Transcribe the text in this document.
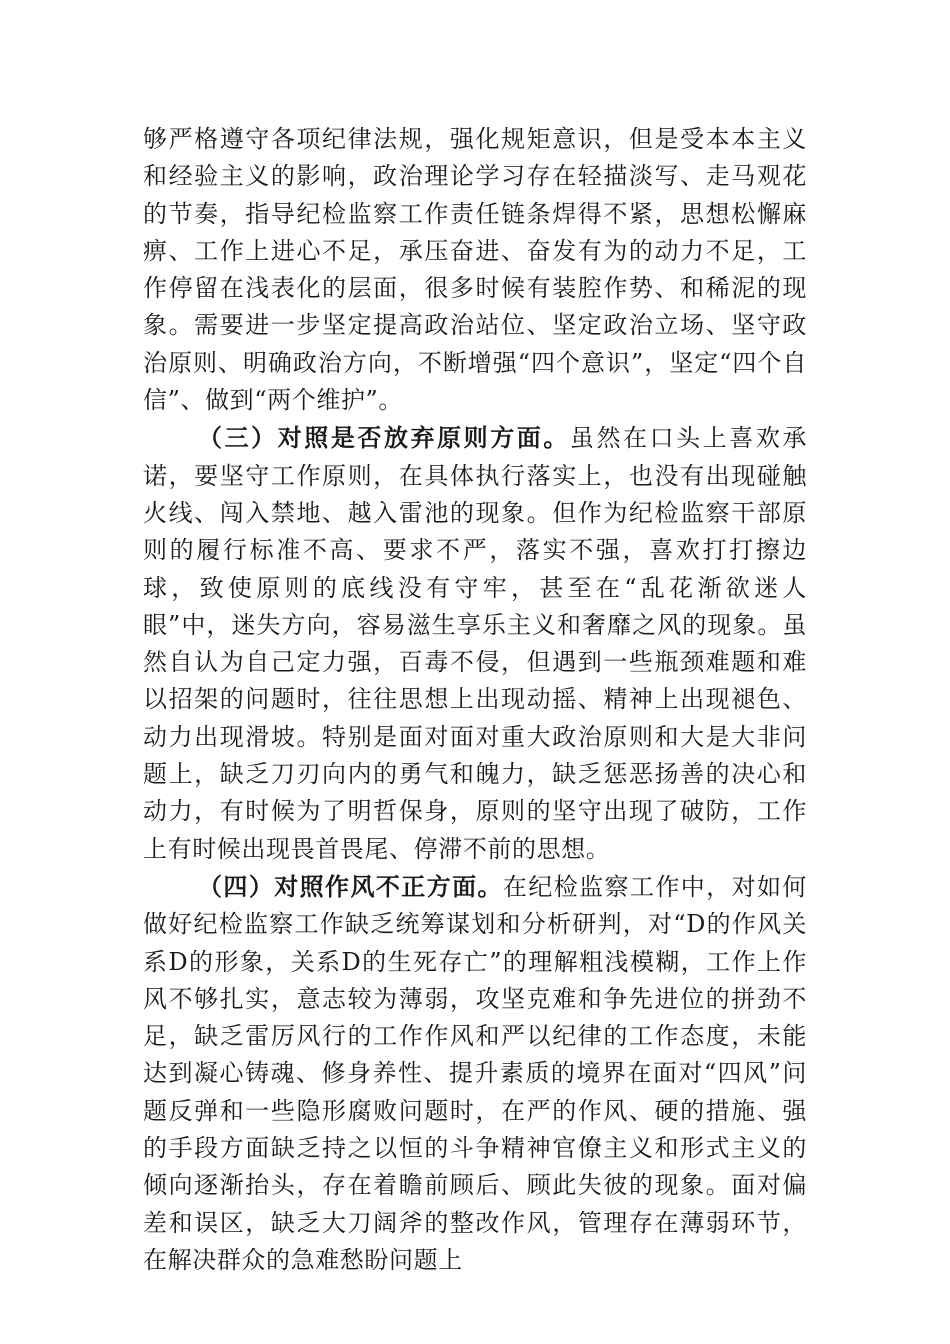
够严格遵守各项纪律法规，强化规矩意识，但是受本本主义和经验主义的影响，政治理论学习存在轻描淡写、走马观花的节奏，指导纪检监察工作责任链条焊得不紧，思想松懈麻痹、工作上进心不足，承压奋进、奋发有为的动力不足，工作停留在浅表化的层面，很多时候有装腔作势、和稀泥的现象。需要进一步坚定提高政治站位、坚定政治立场、坚守政治原则、明确政治方向，不断增强“四个意识”，坚定“四个自信”、做到“两个维护”。

（三）对照是否放弃原则方面。虽然在口头上喜欢承诺，要坚守工作原则，在具体执行落实上，也没有出现碰触火线、闯入禁地、越入雷池的现象。但作为纪检监察干部原则的履行标准不高、要求不严，落实不强，喜欢打打擦边球，致使原则的底线没有守牢，甚至在“乱花渐欲迷人眼”中，迷失方向，容易滋生享乐主义和奢靡之风的现象。虽然自认为自己定力强，百毒不侵，但遇到一些瓶颈难题和难以招架的问题时，往往思想上出现动摇、精神上出现褪色、动力出现滑坡。特别是面对面对重大政治原则和大是大非问题上，缺乏刀刃向内的勇气和魄力，缺乏惩恶扬善的决心和动力，有时候为了明哲保身，原则的坚守出现了破防，工作上有时候出现畏首畏尾、停滞不前的思想。

（四）对照作风不正方面。在纪检监察工作中，对如何做好纪检监察工作缺乏统筹谋划和分析研判，对“D的作风关系D的形象，关系D的生死存亡”的理解粗浅模糊，工作上作风不够扎实，意志较为薄弱，攻坚克难和争先进位的拼劲不足，缺乏雷厉风行的工作作风和严以纪律的工作态度，未能达到凝心铸魂、修身养性、提升素质的境界在面对“四风”问题反弹和一些隐形腐败问题时，在严的作风、硬的措施、强的手段方面缺乏持之以恒的斗争精神官僚主义和形式主义的倾向逐渐抬头，存在着瞻前顾后、顾此失彼的现象。面对偏差和误区，缺乏大刀阔斧的整改作风，管理存在薄弱环节，在解决群众的急难愁盼问题上
